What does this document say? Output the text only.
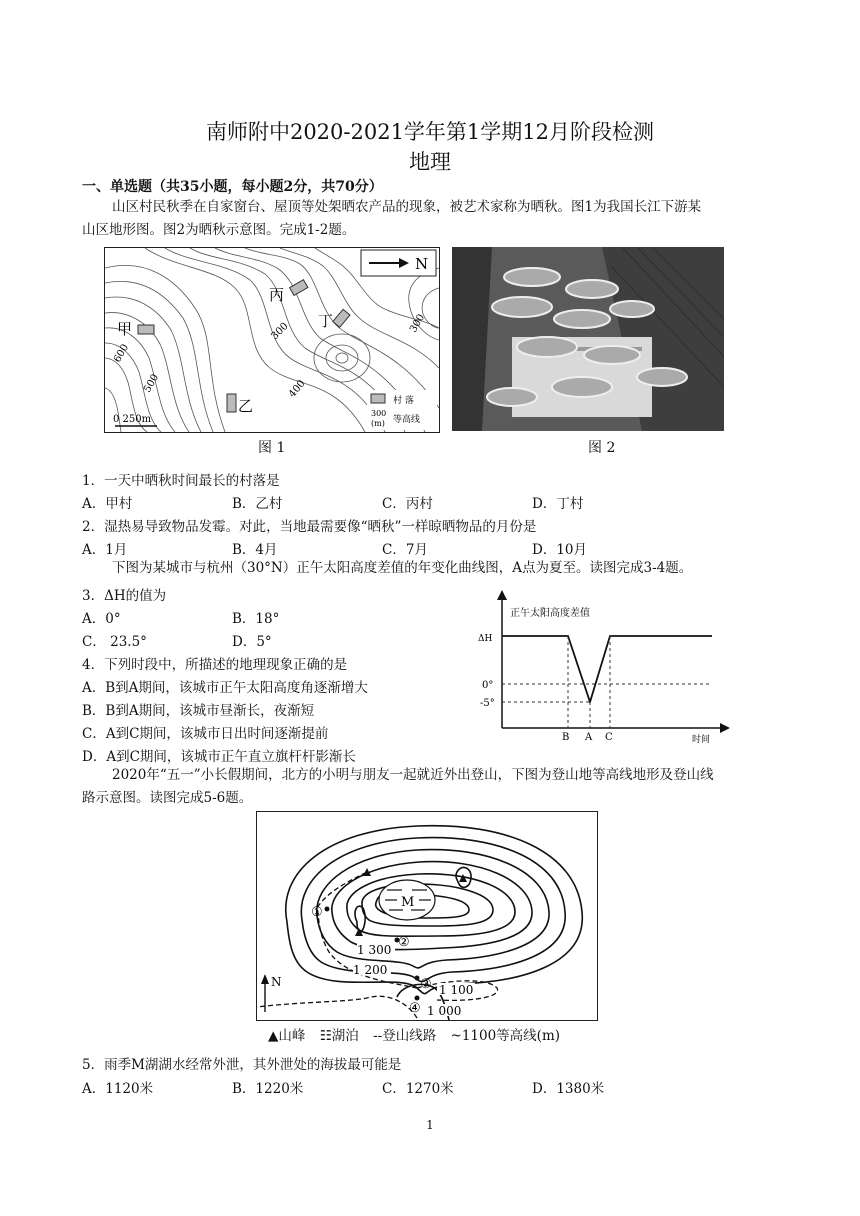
南师附中2020-2021学年第1学期12月阶段检测
地理
一、单选题（共35小题，每小题2分，共70分）
山区村民秋季在自家窗台、屋顶等处架晒农产品的现象，被艺术家称为晒秋。图1为我国长江下游某
山区地形图。图2为晒秋示意图。完成1-2题。
N
甲
乙
丙
丁
600
500
300
400
300
0 250m
村 落
300
(m) 等高线
图 1	图 2
1．一天中晒秋时间最长的村落是
A．甲村	B．乙村	C．丙村	D．丁村
2．湿热易导致物品发霉。对此，当地最需要像“晒秋”一样晾晒物品的月份是
A．1月	B．4月	C．7月	D．10月
下图为某城市与杭州（30°N）正午太阳高度差值的年变化曲线图，A点为夏至。读图完成3-4题。
3．ΔH的值为
A．0°	B．18°
C． 23.5°	D．5°
4．下列时段中，所描述的地理现象正确的是
A．B到A期间，该城市正午太阳高度角逐渐增大
B．B到A期间，该城市昼渐长，夜渐短
C．A到C期间，该城市日出时间逐渐提前
D．A到C期间，该城市正午直立旗杆杆影渐长
正午太阳高度差值
ΔH
0°
-5°
B A C	时间
2020年“五一”小长假期间，北方的小明与朋友一起就近外出登山，下图为登山地等高线地形及登山线
路示意图。读图完成5-6题。
M
①
②
③
④
1 300
1 200
1 100
1 000
N
▲山峰 ☷湖泊 --登山线路 ~1100等高线(m)
5．雨季M湖湖水经常外泄，其外泄处的海拔最可能是
A．1120米	B．1220米	C．1270米	D．1380米
1
